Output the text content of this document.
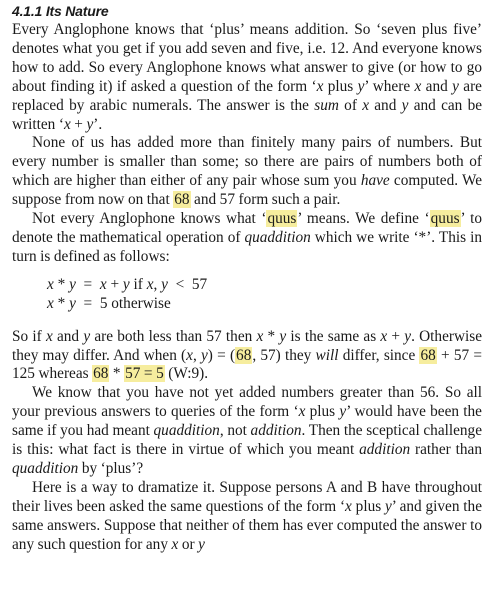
4.1.1 Its Nature

Every Anglophone knows that ‘plus’ means addition. So ‘seven plus five’ denotes what you get if you add seven and five, i.e. 12. And everyone knows how to add. So every Anglophone knows what answer to give (or how to go about finding it) if asked a question of the form ‘x plus y’ where x and y are replaced by arabic numerals. The answer is the sum of x and y and can be written ‘x + y’.

None of us has added more than finitely many pairs of numbers. But every number is smaller than some; so there are pairs of numbers both of which are higher than either of any pair whose sum you have computed. We suppose from now on that 68 and 57 form such a pair.

Not every Anglophone knows what ‘quus’ means. We define ‘quus’ to denote the mathematical operation of quaddition which we write ‘*’. This in turn is defined as follows:

x * y  =  x + y if x, y  <  57
x * y  =  5 otherwise

So if x and y are both less than 57 then x * y is the same as x + y. Otherwise they may differ. And when (x, y) = (68, 57) they will differ, since 68 + 57 = 125 whereas 68 * 57 = 5 (W:9).

We know that you have not yet added numbers greater than 56. So all your previous answers to queries of the form ‘x plus y’ would have been the same if you had meant quaddition, not addition. Then the sceptical challenge is this: what fact is there in virtue of which you meant addition rather than quaddition by ‘plus’?

Here is a way to dramatize it. Suppose persons A and B have throughout their lives been asked the same questions of the form ‘x plus y’ and given the same answers. Suppose that neither of them has ever computed the answer to any such question for any x or y
